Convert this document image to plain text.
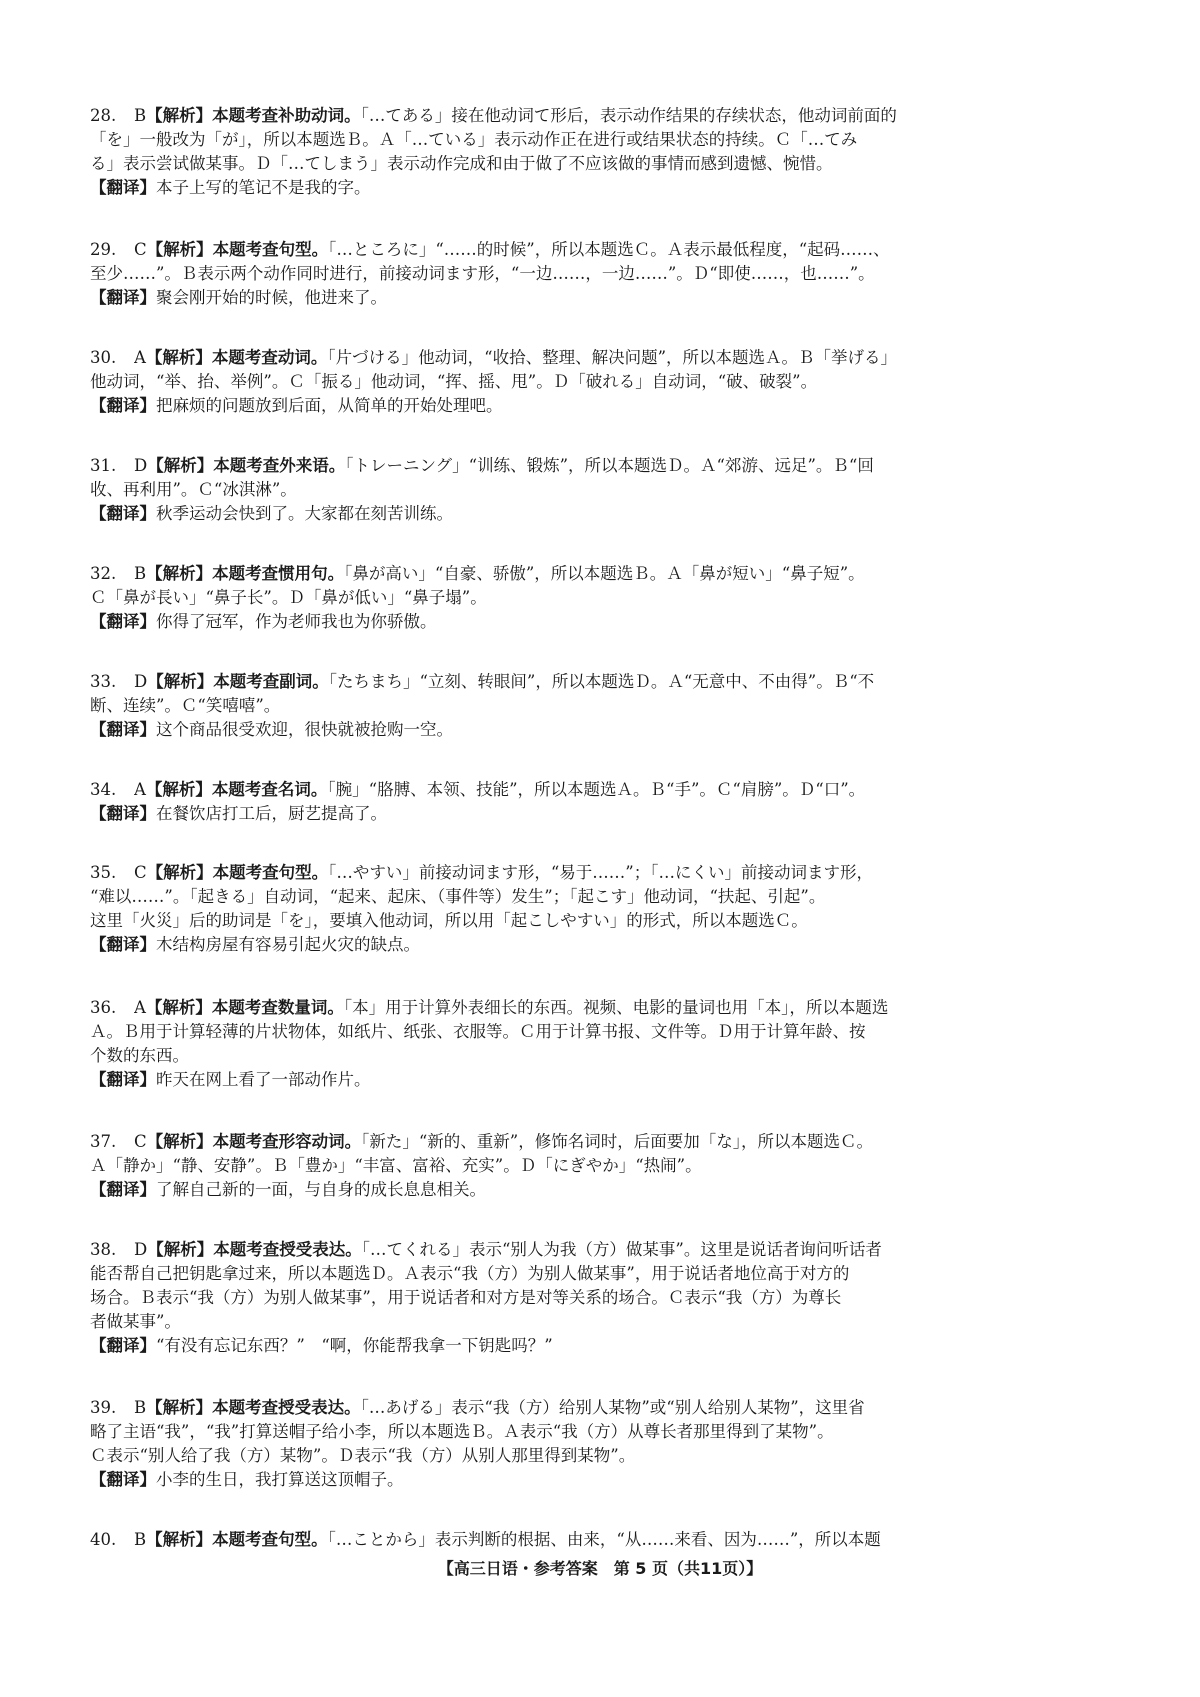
28.	B【解析】本题考查补助动词。「…てある」接在他动词て形后，表示动作结果的存续状态，他动词前面的
「を」一般改为「が」，所以本题选Ｂ。Ａ「…ている」表示动作正在进行或结果状态的持续。Ｃ「…てみ
る」表示尝试做某事。Ｄ「…てしまう」表示动作完成和由于做了不应该做的事情而感到遗憾、惋惜。
【翻译】本子上写的笔记不是我的字。
29.	C【解析】本题考查句型。「…ところに」“……的时候”，所以本题选Ｃ。Ａ表示最低程度，“起码……、
至少……”。Ｂ表示两个动作同时进行，前接动词ます形，“一边……，一边……”。Ｄ“即使……，也……”。
【翻译】聚会刚开始的时候，他进来了。
30.	A【解析】本题考查动词。「片づける」他动词，“收拾、整理、解决问题”，所以本题选Ａ。Ｂ「挙げる」
他动词，“举、抬、举例”。Ｃ「振る」他动词，“挥、摇、甩”。Ｄ「破れる」自动词，“破、破裂”。
【翻译】把麻烦的问题放到后面，从简单的开始处理吧。
31.	D【解析】本题考查外来语。「トレーニング」“训练、锻炼”，所以本题选Ｄ。Ａ“郊游、远足”。Ｂ“回
收、再利用”。Ｃ“冰淇淋”。
【翻译】秋季运动会快到了。大家都在刻苦训练。
32.	B【解析】本题考查惯用句。「鼻が高い」“自豪、骄傲”，所以本题选Ｂ。Ａ「鼻が短い」“鼻子短”。
Ｃ「鼻が長い」“鼻子长”。Ｄ「鼻が低い」“鼻子塌”。
【翻译】你得了冠军，作为老师我也为你骄傲。
33.	D【解析】本题考查副词。「たちまち」“立刻、转眼间”，所以本题选Ｄ。Ａ“无意中、不由得”。Ｂ“不
断、连续”。Ｃ“笑嘻嘻”。
【翻译】这个商品很受欢迎，很快就被抢购一空。
34.	A【解析】本题考查名词。「腕」“胳膊、本领、技能”，所以本题选Ａ。Ｂ“手”。Ｃ“肩膀”。Ｄ“口”。
【翻译】在餐饮店打工后，厨艺提高了。
35.	C【解析】本题考查句型。「…やすい」前接动词ます形，“易于……”；「…にくい」前接动词ます形，
“难以……”。「起きる」自动词，“起来、起床、（事件等）发生”；「起こす」他动词，“扶起、引起”。
这里「火災」后的助词是「を」，要填入他动词，所以用「起こしやすい」的形式，所以本题选Ｃ。
【翻译】木结构房屋有容易引起火灾的缺点。
36.	A【解析】本题考查数量词。「本」用于计算外表细长的东西。视频、电影的量词也用「本」，所以本题选
Ａ。Ｂ用于计算轻薄的片状物体，如纸片、纸张、衣服等。Ｃ用于计算书报、文件等。Ｄ用于计算年龄、按
个数的东西。
【翻译】昨天在网上看了一部动作片。
37.	C【解析】本题考查形容动词。「新た」“新的、重新”，修饰名词时，后面要加「な」，所以本题选Ｃ。
Ａ「静か」“静、安静”。Ｂ「豊か」“丰富、富裕、充实”。Ｄ「にぎやか」“热闹”。
【翻译】了解自己新的一面，与自身的成长息息相关。
38.	D【解析】本题考查授受表达。「…てくれる」表示“别人为我（方）做某事”。这里是说话者询问听话者
能否帮自己把钥匙拿过来，所以本题选Ｄ。Ａ表示“我（方）为别人做某事”，用于说话者地位高于对方的
场合。Ｂ表示“我（方）为别人做某事”，用于说话者和对方是对等关系的场合。Ｃ表示“我（方）为尊长
者做某事”。
【翻译】“有没有忘记东西？”　“啊，你能帮我拿一下钥匙吗？”
39.	B【解析】本题考查授受表达。「…あげる」表示“我（方）给别人某物”或“别人给别人某物”，这里省
略了主语“我”，“我”打算送帽子给小李，所以本题选Ｂ。Ａ表示“我（方）从尊长者那里得到了某物”。
Ｃ表示“别人给了我（方）某物”。Ｄ表示“我（方）从别人那里得到某物”。
【翻译】小李的生日，我打算送这顶帽子。
40.	B【解析】本题考查句型。「…ことから」表示判断的根据、由来，“从……来看、因为……”，所以本题
【高三日语・参考答案　第 5 页（共11页）】
